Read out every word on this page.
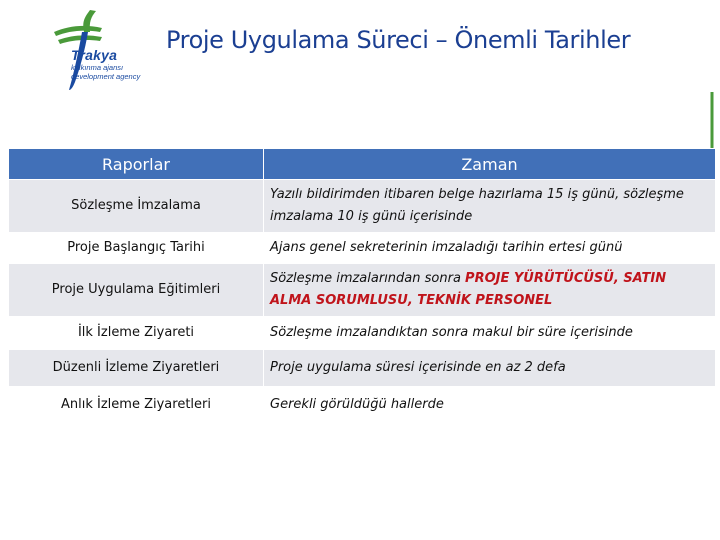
Trakya
kalkınma ajansı
development agency
Proje Uygulama Süreci – Önemli Tarihler
Raporlar	Zaman
Sözleşme İmzalama	Yazılı bildirimden itibaren belge hazırlama 15 iş günü, sözleşme imzalama 10 iş günü içerisinde
Proje Başlangıç Tarihi	Ajans genel sekreterinin imzaladığı tarihin ertesi günü
Proje Uygulama Eğitimleri	Sözleşme imzalarından sonra PROJE YÜRÜTÜCÜSÜ, SATIN ALMA SORUMLUSU, TEKNİK PERSONEL
İlk İzleme Ziyareti	Sözleşme imzalandıktan sonra makul bir süre içerisinde
Düzenli İzleme Ziyaretleri	Proje uygulama süresi içerisinde en az 2 defa
Anlık İzleme Ziyaretleri	Gerekli görüldüğü hallerde
